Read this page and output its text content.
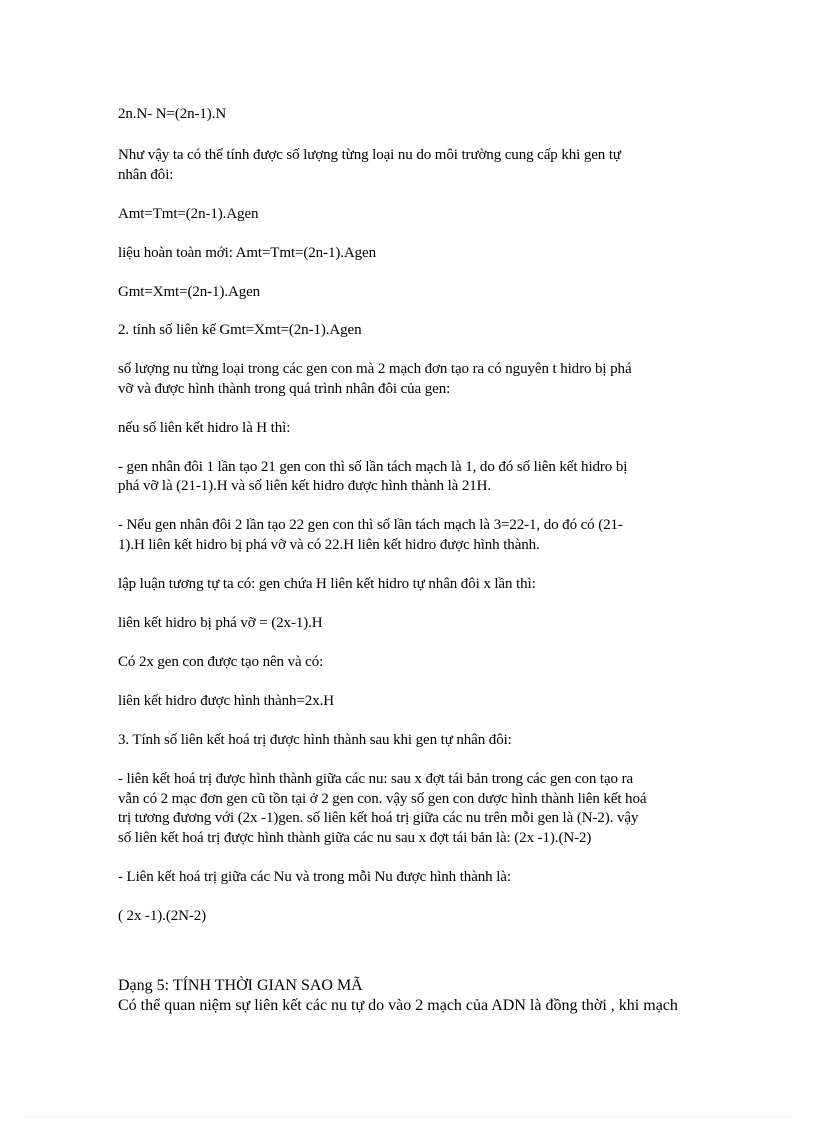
2n.N- N=(2n-1).N
Như vậy ta có thể tính được số lượng từng loại nu do môi trường cung cấp khi gen tự
nhân đôi:
Amt=Tmt=(2n-1).Agen
liệu hoàn toàn mới: Amt=Tmt=(2n-1).Agen
Gmt=Xmt=(2n-1).Agen
2. tính số liên kế Gmt=Xmt=(2n-1).Agen
số lượng nu từng loại trong các gen con mà 2 mạch đơn tạo ra có nguyên t hidro bị phá
vỡ và được hình thành trong quá trình nhân đôi của gen:
nếu số liên kết hidro là H thì:
- gen nhân đôi 1 lần tạo 21 gen con thì số lần tách mạch là 1, do đó số liên kết hidro bị
phá vỡ là (21-1).H và số liên kết hidro được hình thành là 21H.
- Nếu gen nhân đôi 2 lần tạo 22 gen con thì số lần tách mạch là 3=22-1, do đó có (21-
1).H liên kết hidro bị phá vỡ và có 22.H liên kết hidro được hình thành.
lập luận tương tự ta có: gen chứa H liên kết hidro tự nhân đôi x lần thì:
liên kết hidro bị phá vỡ = (2x-1).H
Có 2x gen con được tạo nên và có:
liên kết hidro được hình thành=2x.H
3. Tính số liên kết hoá trị được hình thành sau khi gen tự nhân đôi:
- liên kết hoá trị được hình thành giữa các nu: sau x đợt tái bản trong các gen con tạo ra
vẫn có 2 mạc đơn gen cũ tồn tại ở 2 gen con. vậy số gen con dược hình thành liên kết hoá
trị tương đương với (2x -1)gen. số liên kết hoá trị giữa các nu trên mỗi gen là (N-2). vậy
số liên kết hoá trị được hình thành giữa các nu sau x đợt tái bản là: (2x -1).(N-2)
- Liên kết hoá trị giữa các Nu và trong mỗi Nu được hình thành là:
( 2x -1).(2N-2)
Dạng 5: TÍNH THỜI GIAN SAO MÃ
Có thể quan niệm sự liên kết các nu tự do vào 2 mạch của ADN là đồng thời , khi mạch
